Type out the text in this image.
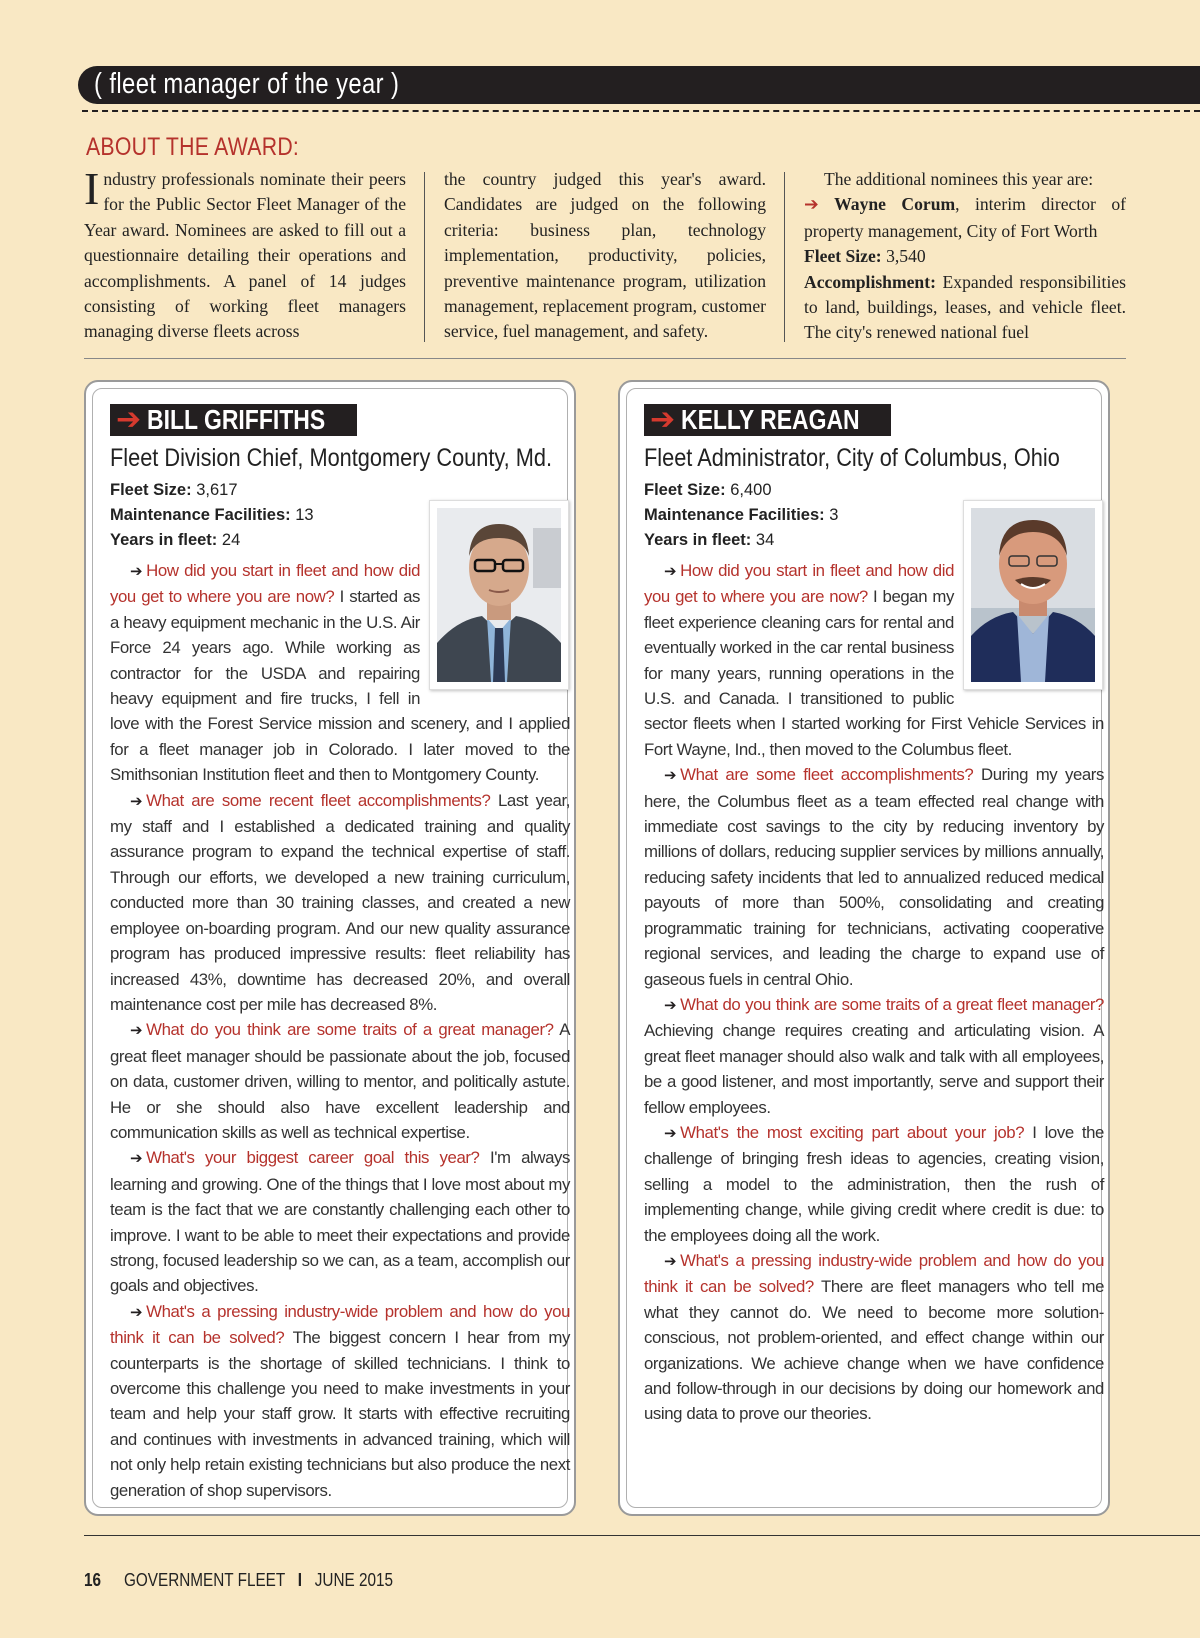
( fleet manager of the year )
ABOUT THE AWARD:

Industry professionals nominate their peers for the Public Sector Fleet Manager of the Year award. Nominees are asked to fill out a questionnaire detailing their operations and accomplishments. A panel of 14 judges consisting of working fleet managers managing diverse fleets across

the country judged this year's award. Candidates are judged on the following criteria: business plan, technology implementation, productivity, policies, preventive maintenance program, utilization management, replacement program, customer service, fuel management, and safety.

The additional nominees this year are:

➔ Wayne Corum, interim director of property management, City of Fort Worth
Fleet Size: 3,540
Accomplishment: Expanded responsibilities to land, buildings, leases, and vehicle fleet. The city's renewed national fuel

➔ BILL GRIFFITHS
Fleet Division Chief, Montgomery County, Md.
Fleet Size: 3,617
Maintenance Facilities: 13
Years in fleet: 24

➔ How did you start in fleet and how did you get to where you are now? I started as a heavy equipment mechanic in the U.S. Air Force 24 years ago. While working as contractor for the USDA and repairing heavy equipment and fire trucks, I fell in love with the Forest Service mission and scenery, and I applied for a fleet manager job in Colorado. I later moved to the Smithsonian Institution fleet and then to Montgomery County.

➔ What are some recent fleet accomplishments? Last year, my staff and I established a dedicated training and quality assurance program to expand the technical expertise of staff. Through our efforts, we developed a new training curriculum, conducted more than 30 training classes, and created a new employee on-boarding program. And our new quality assurance program has produced impressive results: fleet reliability has increased 43%, downtime has decreased 20%, and overall maintenance cost per mile has decreased 8%.

➔ What do you think are some traits of a great manager? A great fleet manager should be passionate about the job, focused on data, customer driven, willing to mentor, and politically astute. He or she should also have excellent leadership and communication skills as well as technical expertise.

➔ What's your biggest career goal this year? I'm always learning and growing. One of the things that I love most about my team is the fact that we are constantly challenging each other to improve. I want to be able to meet their expectations and provide strong, focused leadership so we can, as a team, accomplish our goals and objectives.

➔ What's a pressing industry-wide problem and how do you think it can be solved? The biggest concern I hear from my counterparts is the shortage of skilled technicians. I think to overcome this challenge you need to make investments in your team and help your staff grow. It starts with effective recruiting and continues with investments in advanced training, which will not only help retain existing technicians but also produce the next generation of shop supervisors.

➔ KELLY REAGAN
Fleet Administrator, City of Columbus, Ohio
Fleet Size: 6,400
Maintenance Facilities: 3
Years in fleet: 34

➔ How did you start in fleet and how did you get to where you are now? I began my fleet experience cleaning cars for rental and eventually worked in the car rental business for many years, running operations in the U.S. and Canada. I transitioned to public sector fleets when I started working for First Vehicle Services in Fort Wayne, Ind., then moved to the Columbus fleet.

➔ What are some fleet accomplishments? During my years here, the Columbus fleet as a team effected real change with immediate cost savings to the city by reducing inventory by millions of dollars, reducing supplier services by millions annually, reducing safety incidents that led to annualized reduced medical payouts of more than 500%, consolidating and creating programmatic training for technicians, activating cooperative regional services, and leading the charge to expand use of gaseous fuels in central Ohio.

➔ What do you think are some traits of a great fleet manager? Achieving change requires creating and articulating vision. A great fleet manager should also walk and talk with all employees, be a good listener, and most importantly, serve and support their fellow employees.

➔ What's the most exciting part about your job? I love the challenge of bringing fresh ideas to agencies, creating vision, selling a model to the administration, then the rush of implementing change, while giving credit where credit is due: to the employees doing all the work.

➔ What's a pressing industry-wide problem and how do you think it can be solved? There are fleet managers who tell me what they cannot do. We need to become more solution-conscious, not problem-oriented, and effect change within our organizations. We achieve change when we have confidence and follow-through in our decisions by doing our homework and using data to prove our theories.

16 GOVERNMENT FLEET I JUNE 2015
